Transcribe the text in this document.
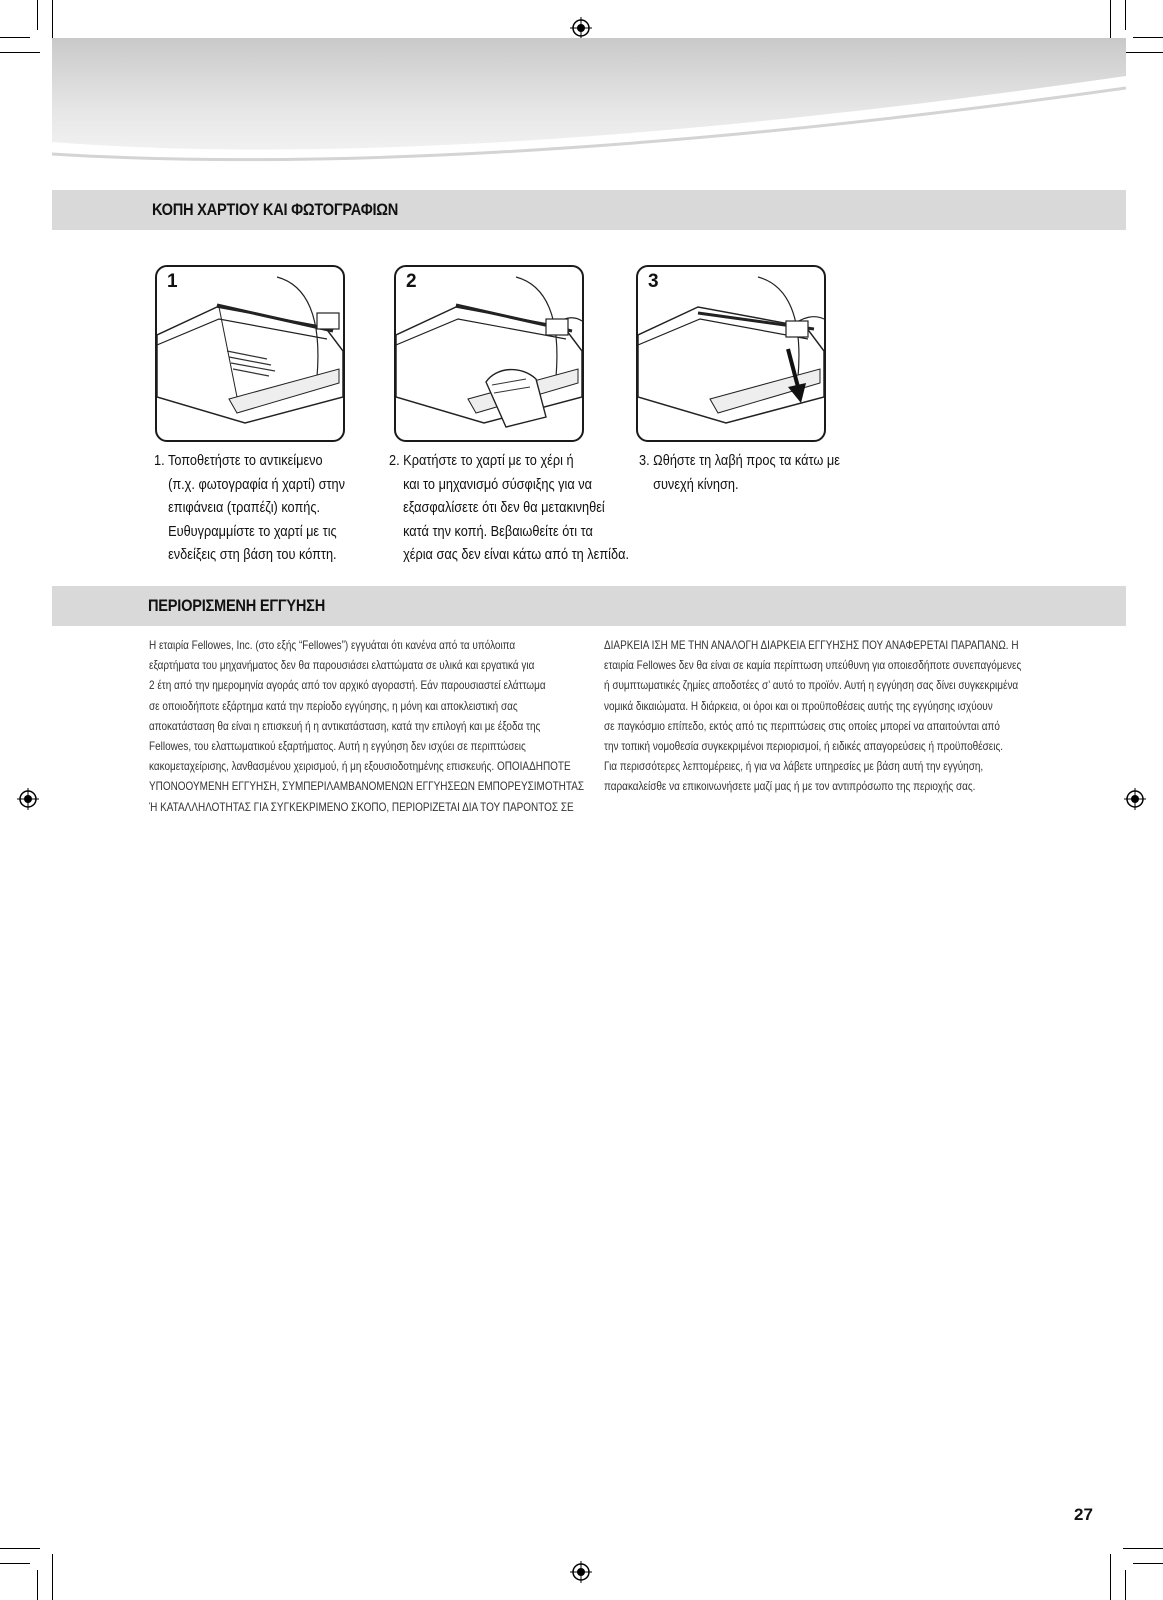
ΚΟΠΗ ΧΑΡΤΙΟΥ ΚΑΙ ΦΩΤΟΓΡΑΦΙΩΝ
1	2	3
1. Τοποθετήστε το αντικείμενο
(π.χ. φωτογραφία ή χαρτί) στην
επιφάνεια (τραπέζι) κοπής.
Ευθυγραμμίστε το χαρτί με τις
ενδείξεις στη βάση του κόπτη.
2. Κρατήστε το χαρτί με το χέρι ή
και το μηχανισμό σύσφιξης για να
εξασφαλίσετε ότι δεν θα μετακινηθεί
κατά την κοπή. Βεβαιωθείτε ότι τα
χέρια σας δεν είναι κάτω από τη λεπίδα.
3. Ωθήστε τη λαβή προς τα κάτω με
συνεχή κίνηση.
ΠΕΡΙΟΡΙΣΜΕΝΗ ΕΓΓΥΗΣΗ
Η εταιρία Fellowes, Inc. (στο εξής “Fellowes”) εγγυάται ότι κανένα από τα υπόλοιπα
εξαρτήματα του μηχανήματος δεν θα παρουσιάσει ελαττώματα σε υλικά και εργατικά για
2 έτη από την ημερομηνία αγοράς από τον αρχικό αγοραστή. Εάν παρουσιαστεί ελάττωμα
σε οποιοδήποτε εξάρτημα κατά την περίοδο εγγύησης, η μόνη και αποκλειστική σας
αποκατάσταση θα είναι η επισκευή ή η αντικατάσταση, κατά την επιλογή και με έξοδα της
Fellowes, του ελαττωματικού εξαρτήματος. Αυτή η εγγύηση δεν ισχύει σε περιπτώσεις
κακομεταχείρισης, λανθασμένου χειρισμού, ή μη εξουσιοδοτημένης επισκευής. ΟΠΟΙΑΔΗΠΟΤΕ
ΥΠΟΝΟΟΥΜΕΝΗ ΕΓΓΥΗΣΗ, ΣΥΜΠΕΡΙΛΑΜΒΑΝΟΜΕΝΩΝ ΕΓΓΥΗΣΕΩΝ ΕΜΠΟΡΕΥΣΙΜΟΤΗΤΑΣ
Ή ΚΑΤΑΛΛΗΛΟΤΗΤΑΣ ΓΙΑ ΣΥΓΚΕΚΡΙΜΕΝΟ ΣΚΟΠΟ, ΠΕΡΙΟΡΙΖΕΤΑΙ ΔΙΑ ΤΟΥ ΠΑΡΟΝΤΟΣ ΣΕ
ΔΙΑΡΚΕΙΑ ΙΣΗ ΜΕ ΤΗΝ ΑΝΑΛΟΓΗ ΔΙΑΡΚΕΙΑ ΕΓΓΥΗΣΗΣ ΠΟΥ ΑΝΑΦΕΡΕΤΑΙ ΠΑΡΑΠΑΝΩ. Η
εταιρία Fellowes δεν θα είναι σε καμία περίπτωση υπεύθυνη για οποιεσδήποτε συνεπαγόμενες
ή συμπτωματικές ζημίες αποδοτέες σ’ αυτό το προϊόν. Αυτή η εγγύηση σας δίνει συγκεκριμένα
νομικά δικαιώματα. Η διάρκεια, οι όροι και οι προϋποθέσεις αυτής της εγγύησης ισχύουν
σε παγκόσμιο επίπεδο, εκτός από τις περιπτώσεις στις οποίες μπορεί να απαιτούνται από
την τοπική νομοθεσία συγκεκριμένοι περιορισμοί, ή ειδικές απαγορεύσεις ή προϋποθέσεις.
Για περισσότερες λεπτομέρειες, ή για να λάβετε υπηρεσίες με βάση αυτή την εγγύηση,
παρακαλείσθε να επικοινωνήσετε μαζί μας ή με τον αντιπρόσωπο της περιοχής σας.
27
